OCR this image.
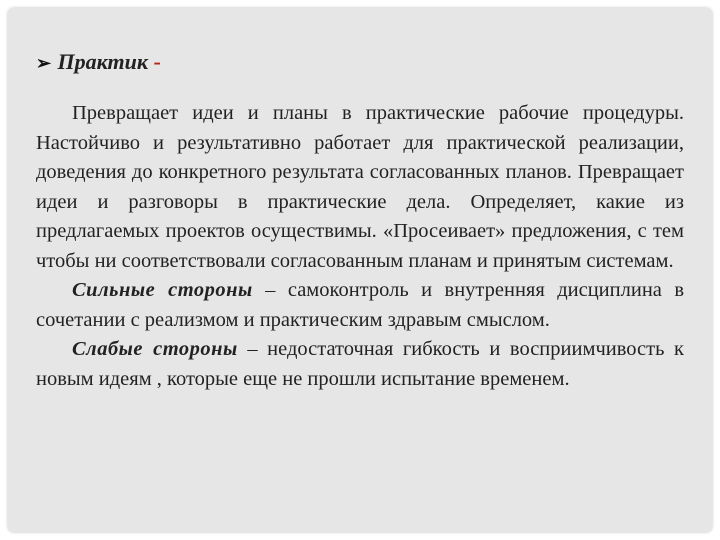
➢ Практик -

Превращает идеи и планы в практические рабочие процедуры. Настойчиво и результативно работает для практической реализации, доведения до конкретного результата согласованных планов. Превращает идеи и разговоры в практические дела. Определяет, какие из предлагаемых проектов осуществимы. «Просеивает» предложения, с тем чтобы ни соответствовали согласованным планам и принятым системам.

Сильные стороны – самоконтроль и внутренняя дисциплина в сочетании с реализмом и практическим здравым смыслом.

Слабые стороны – недостаточная гибкость и восприимчивость к новым идеям , которые еще не прошли испытание временем.
